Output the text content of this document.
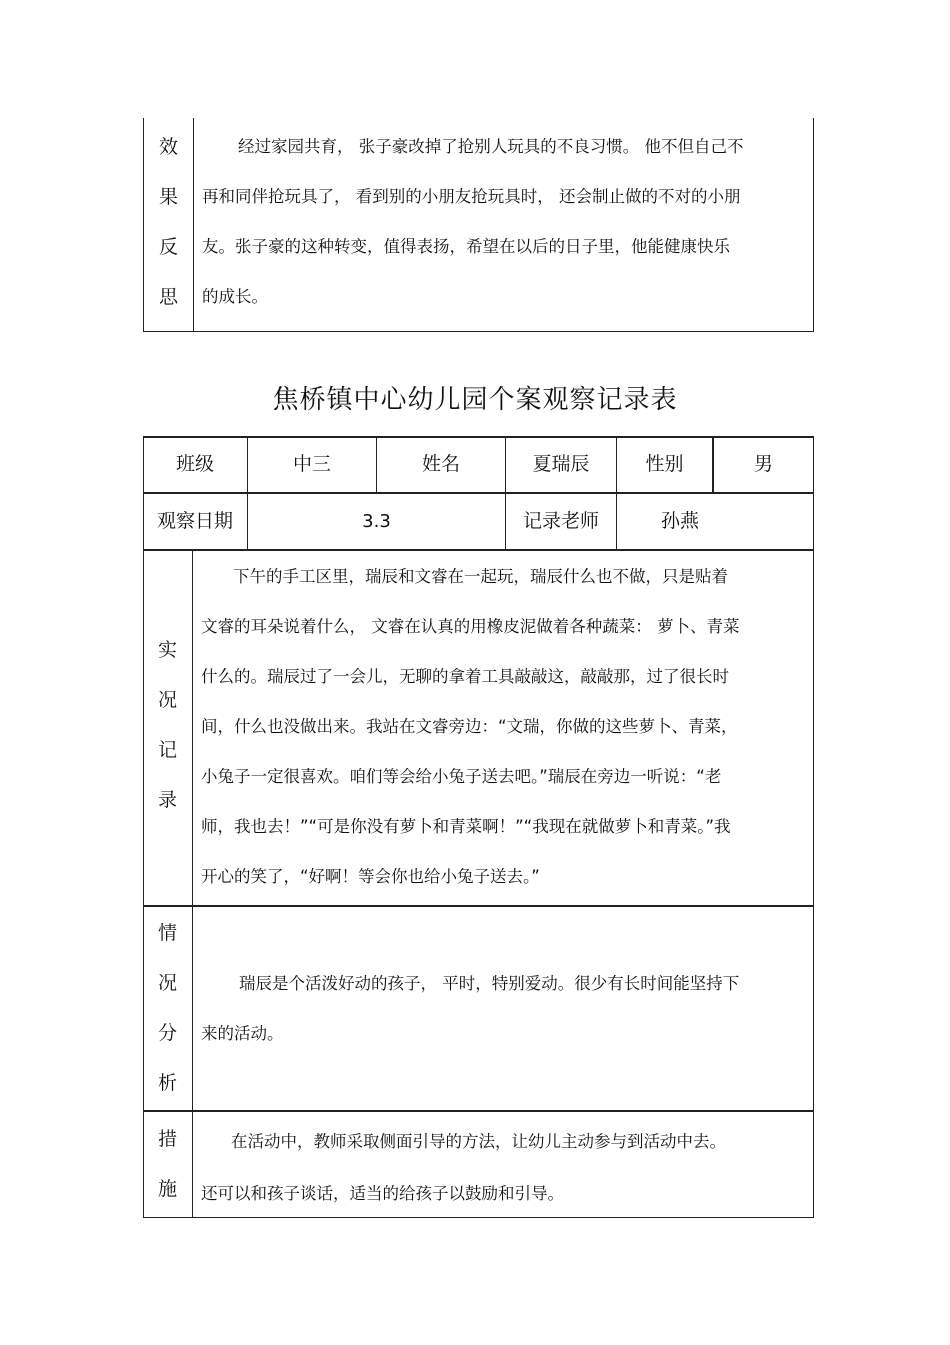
效
果
反
思
经过家园共育， 张子豪改掉了抢别人玩具的不良习惯。 他不但自己不
再和同伴抢玩具了， 看到别的小朋友抢玩具时， 还会制止做的不对的小朋
友。张子豪的这种转变，值得表扬，希望在以后的日子里，他能健康快乐
的成长。
焦桥镇中心幼儿园个案观察记录表
班级	中三	姓名	夏瑞辰	性别	男
观察日期	3.3	记录老师	孙燕
实
况
记
录
下午的手工区里，瑞辰和文睿在一起玩，瑞辰什么也不做，只是贴着
文睿的耳朵说着什么， 文睿在认真的用橡皮泥做着各种蔬菜： 萝卜、青菜
什么的。瑞辰过了一会儿，无聊的拿着工具敲敲这，敲敲那，过了很长时
间，什么也没做出来。我站在文睿旁边：“文瑞，你做的这些萝卜、青菜，
小兔子一定很喜欢。咱们等会给小兔子送去吧。”瑞辰在旁边一听说：“老
师，我也去！”“可是你没有萝卜和青菜啊！”“我现在就做萝卜和青菜。”我
开心的笑了，“好啊！等会你也给小兔子送去。”
情
况
分
析
瑞辰是个活泼好动的孩子， 平时，特别爱动。很少有长时间能坚持下
来的活动。
措
施
在活动中，教师采取侧面引导的方法，让幼儿主动参与到活动中去。
还可以和孩子谈话，适当的给孩子以鼓励和引导。
